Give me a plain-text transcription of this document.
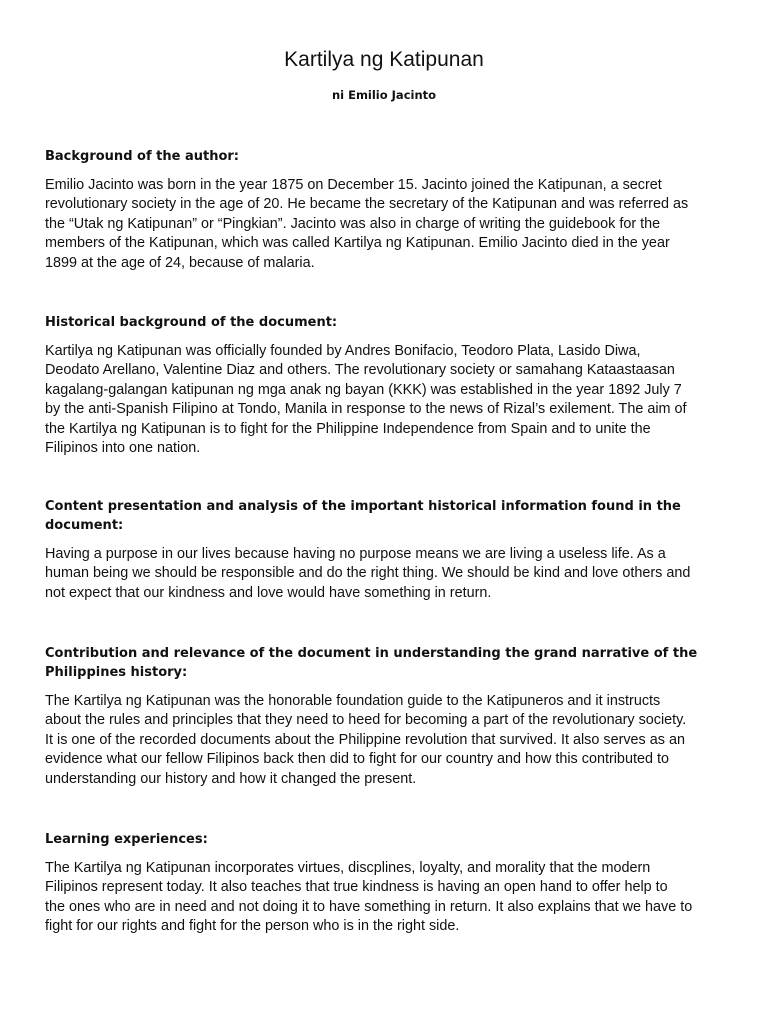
Kartilya ng Katipunan
ni Emilio Jacinto
Background of the author:

Emilio Jacinto was born in the year 1875 on December 15. Jacinto joined the Katipunan, a secret
revolutionary society in the age of 20. He became the secretary of the Katipunan and was referred as
the “Utak ng Katipunan” or “Pingkian”. Jacinto was also in charge of writing the guidebook for the
members of the Katipunan, which was called Kartilya ng Katipunan. Emilio Jacinto died in the year
1899 at the age of 24, because of malaria.

Historical background of the document:

Kartilya ng Katipunan was officially founded by Andres Bonifacio, Teodoro Plata, Lasido Diwa,
Deodato Arellano, Valentine Diaz and others. The revolutionary society or samahang Kataastaasan
kagalang-galangan katipunan ng mga anak ng bayan (KKK) was established in the year 1892 July 7
by the anti-Spanish Filipino at Tondo, Manila in response to the news of Rizal’s exilement. The aim of
the Kartilya ng Katipunan is to fight for the Philippine Independence from Spain and to unite the
Filipinos into one nation.

Content presentation and analysis of the important historical information found in the
document:

Having a purpose in our lives because having no purpose means we are living a useless life. As a
human being we should be responsible and do the right thing. We should be kind and love others and
not expect that our kindness and love would have something in return.

Contribution and relevance of the document in understanding the grand narrative of the
Philippines history:

The Kartilya ng Katipunan was the honorable foundation guide to the Katipuneros and it instructs
about the rules and principles that they need to heed for becoming a part of the revolutionary society.
It is one of the recorded documents about the Philippine revolution that survived. It also serves as an
evidence what our fellow Filipinos back then did to fight for our country and how this contributed to
understanding our history and how it changed the present.

Learning experiences:

The Kartilya ng Katipunan incorporates virtues, discplines, loyalty, and morality that the modern
Filipinos represent today. It also teaches that true kindness is having an open hand to offer help to
the ones who are in need and not doing it to have something in return. It also explains that we have to
fight for our rights and fight for the person who is in the right side.
